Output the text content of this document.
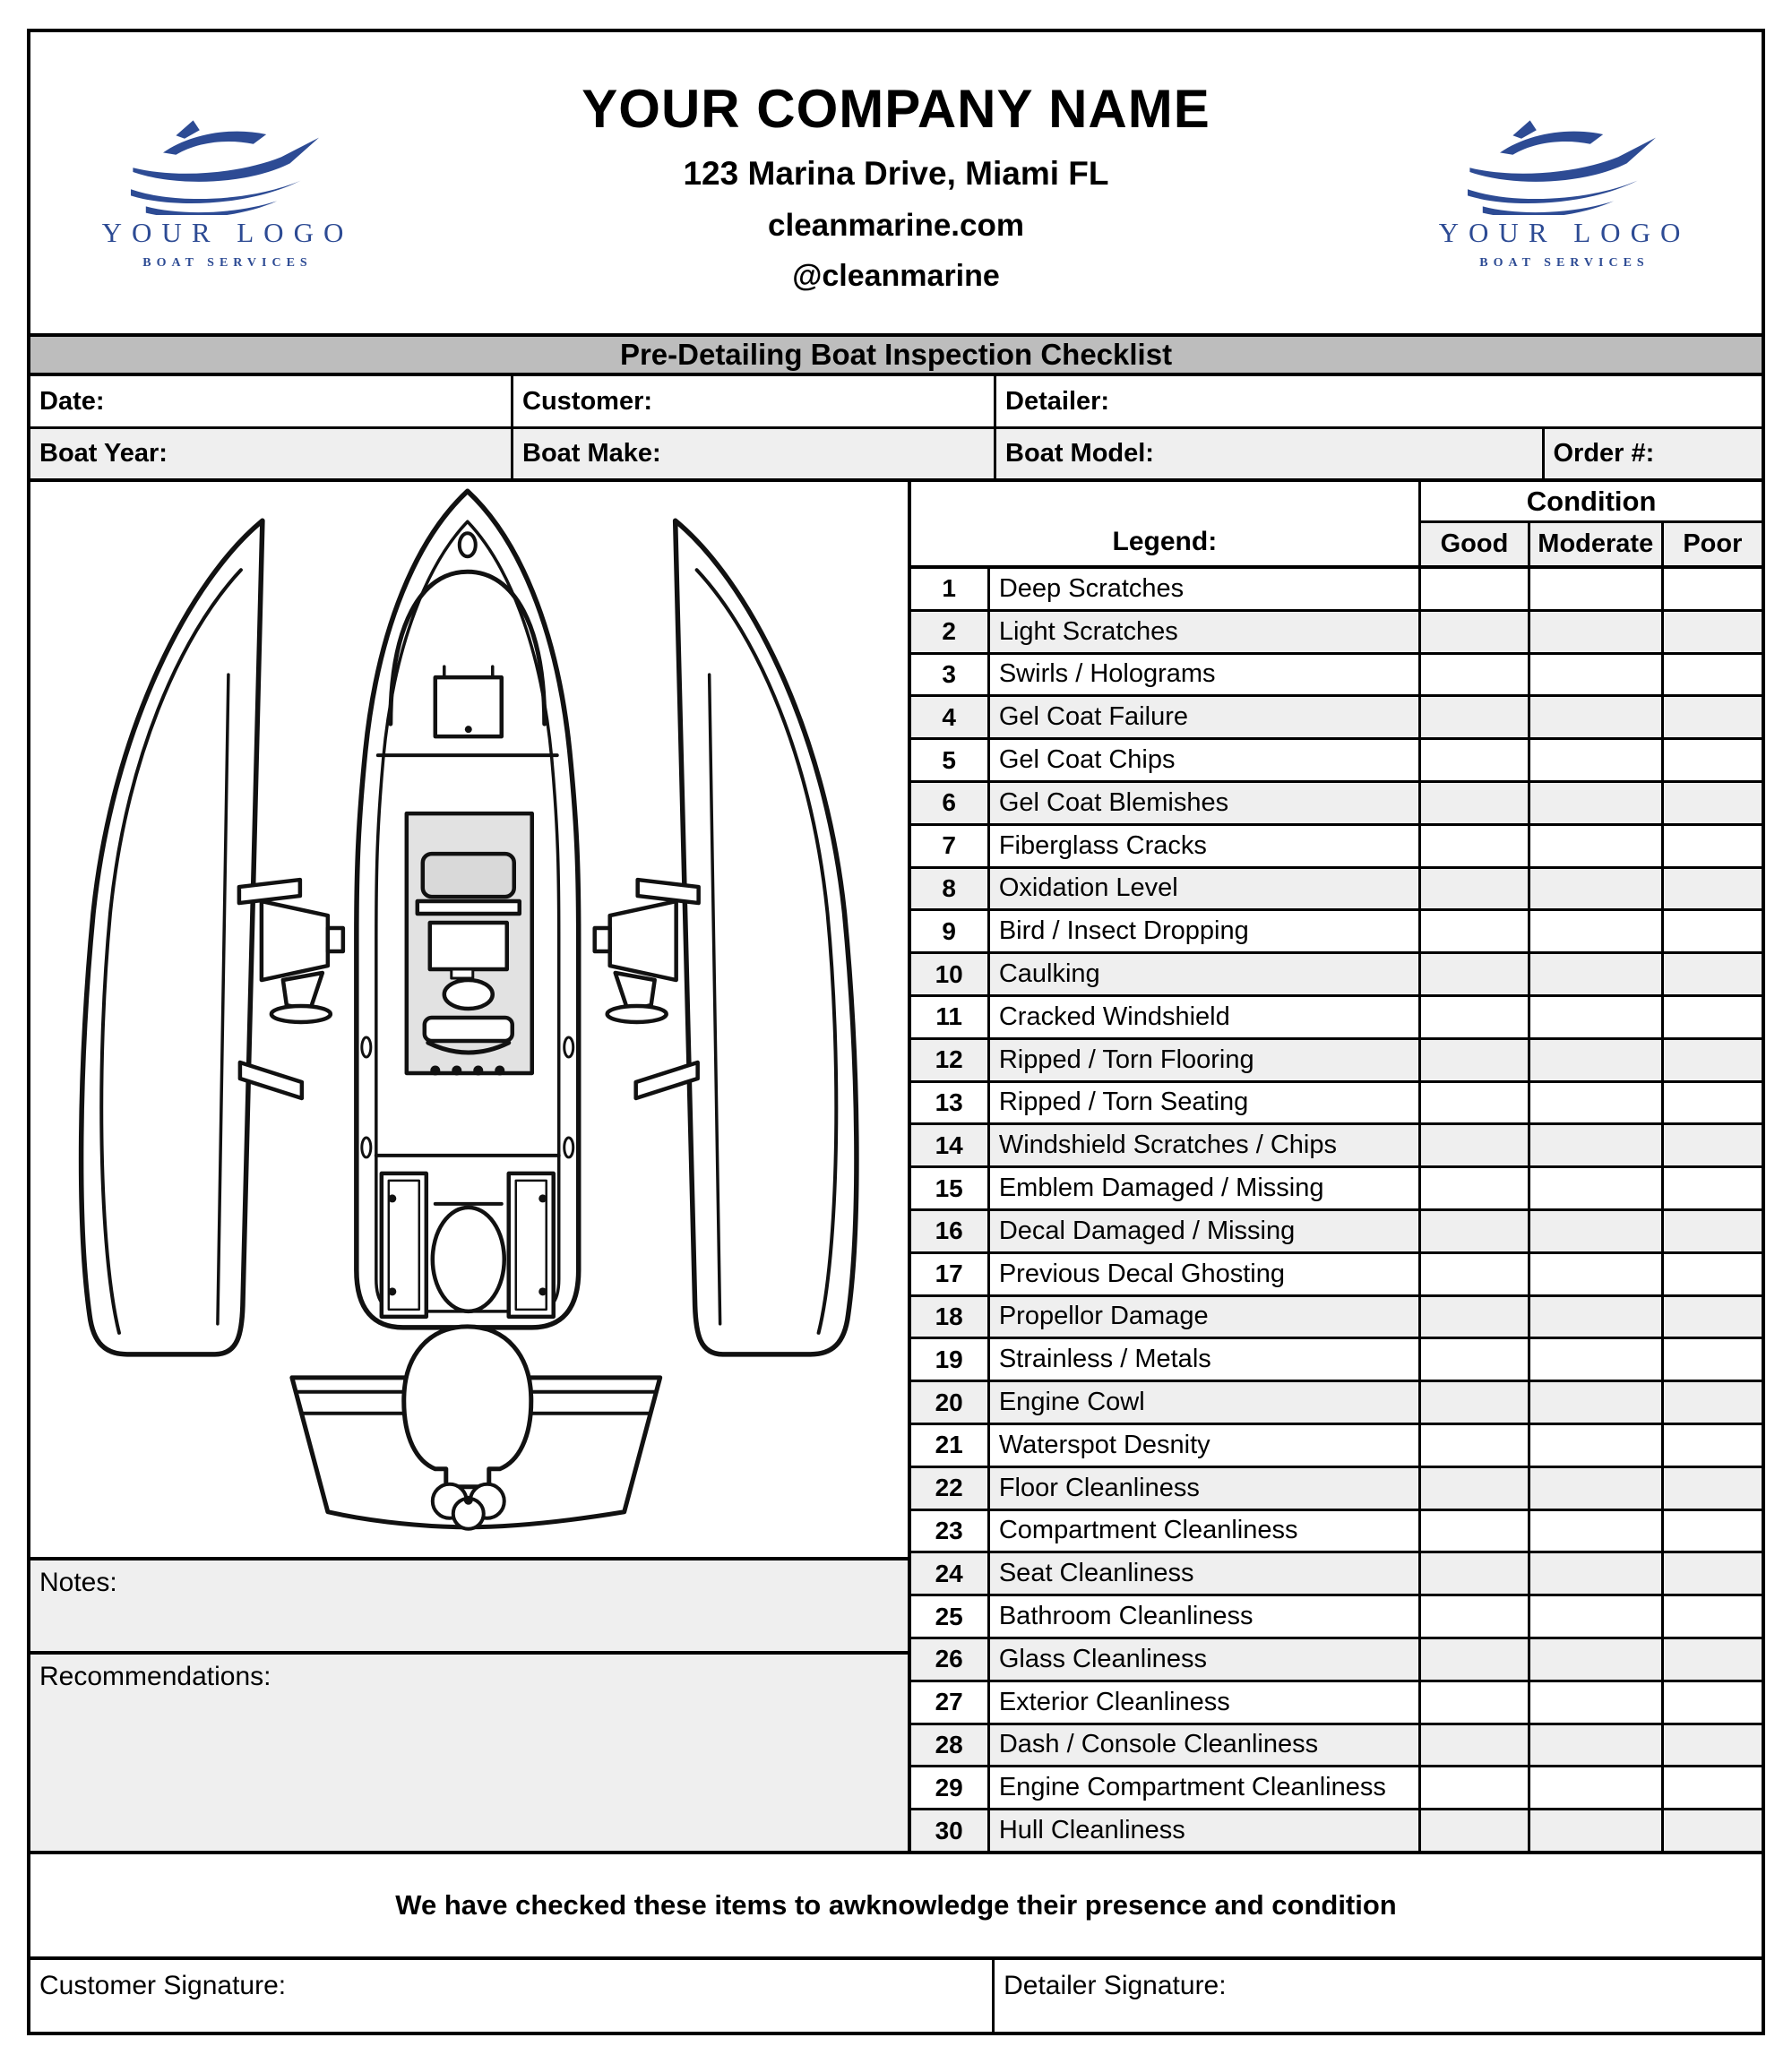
YOUR LOGO
BOAT SERVICES
YOUR COMPANY NAME
123 Marina Drive, Miami FL
cleanmarine.com
@cleanmarine
YOUR LOGO
BOAT SERVICES
Pre-Detailing Boat Inspection Checklist
Date:	Customer:	Detailer:
Boat Year:	Boat Make:	Boat Model:	Order #:
Notes:
Recommendations:
Legend:
Condition
Good	Moderate	Poor
1	Deep Scratches
2	Light Scratches
3	Swirls / Holograms
4	Gel Coat Failure
5	Gel Coat Chips
6	Gel Coat Blemishes
7	Fiberglass Cracks
8	Oxidation Level
9	Bird / Insect Dropping
10	Caulking
11	Cracked Windshield
12	Ripped / Torn Flooring
13	Ripped / Torn Seating
14	Windshield Scratches / Chips
15	Emblem Damaged / Missing
16	Decal Damaged / Missing
17	Previous Decal Ghosting
18	Propellor Damage
19	Strainless / Metals
20	Engine Cowl
21	Waterspot Desnity
22	Floor Cleanliness
23	Compartment Cleanliness
24	Seat Cleanliness
25	Bathroom Cleanliness
26	Glass Cleanliness
27	Exterior Cleanliness
28	Dash / Console Cleanliness
29	Engine Compartment Cleanliness
30	Hull Cleanliness
We have checked these items to awknowledge their presence and condition
Customer Signature:	Detailer Signature:
